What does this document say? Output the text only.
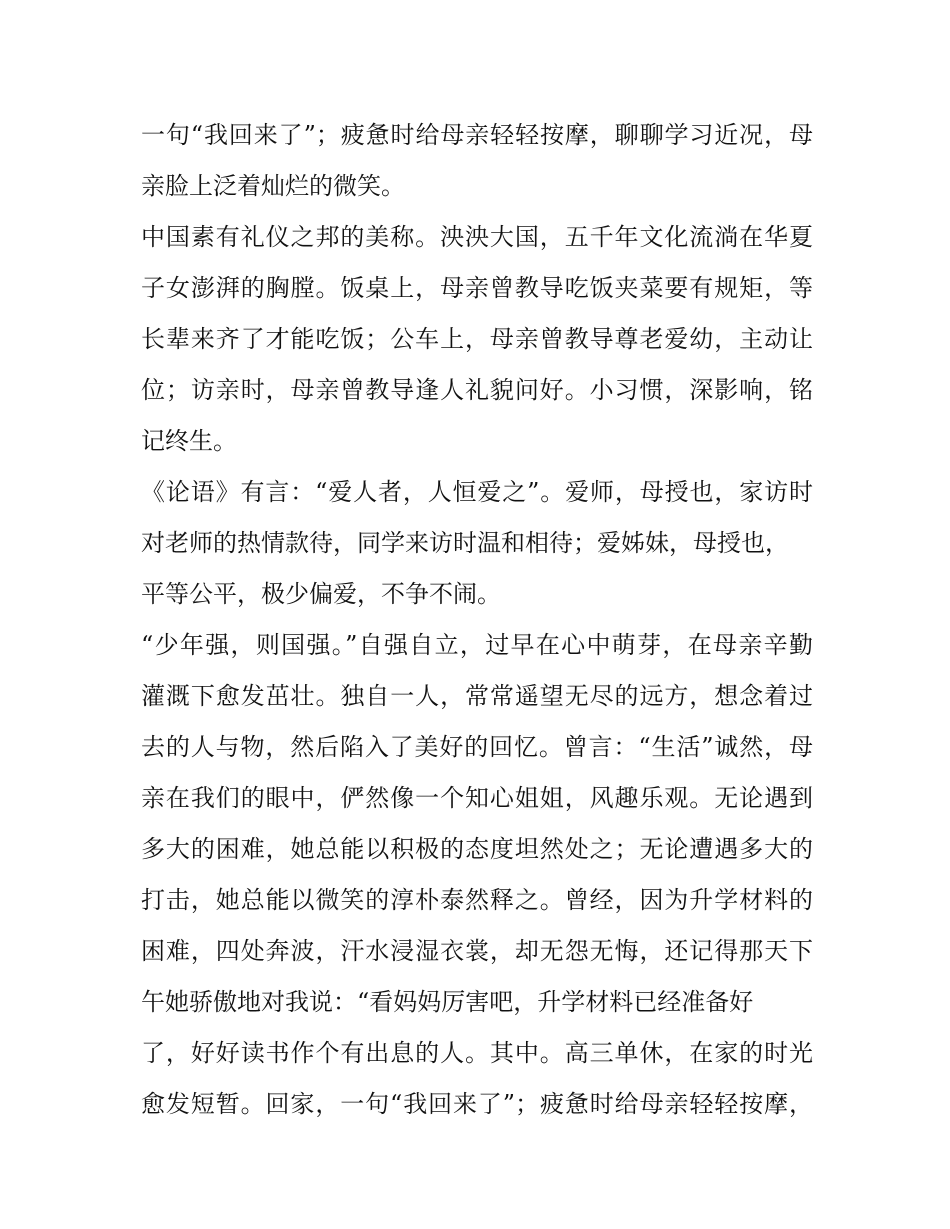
一句“我回来了”；疲惫时给母亲轻轻按摩，聊聊学习近况，母
亲脸上泛着灿烂的微笑。
中国素有礼仪之邦的美称。泱泱大国，五千年文化流淌在华夏
子女澎湃的胸膛。饭桌上，母亲曾教导吃饭夹菜要有规矩，等
长辈来齐了才能吃饭；公车上，母亲曾教导尊老爱幼，主动让
位；访亲时，母亲曾教导逢人礼貌问好。小习惯，深影响，铭
记终生。
《论语》有言：“爱人者，人恒爱之”。爱师，母授也，家访时
对老师的热情款待，同学来访时温和相待；爱姊妹，母授也，
平等公平，极少偏爱，不争不闹。
“少年强，则国强。”自强自立，过早在心中萌芽，在母亲辛勤
灌溉下愈发茁壮。独自一人，常常遥望无尽的远方，想念着过
去的人与物，然后陷入了美好的回忆。曾言：“生活”诚然，母
亲在我们的眼中，俨然像一个知心姐姐，风趣乐观。无论遇到
多大的困难，她总能以积极的态度坦然处之；无论遭遇多大的
打击，她总能以微笑的淳朴泰然释之。曾经，因为升学材料的
困难，四处奔波，汗水浸湿衣裳，却无怨无悔，还记得那天下
午她骄傲地对我说：“看妈妈厉害吧，升学材料已经准备好
了，好好读书作个有出息的人。其中。高三单休，在家的时光
愈发短暂。回家，一句“我回来了”；疲惫时给母亲轻轻按摩，
